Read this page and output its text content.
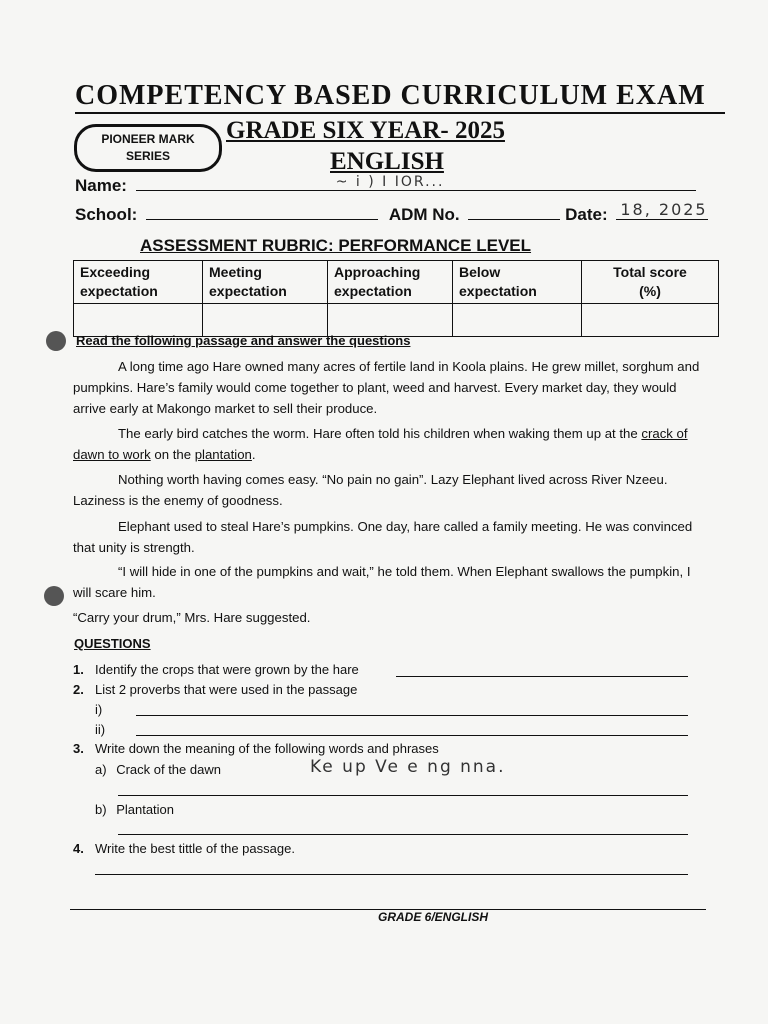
COMPETENCY BASED CURRICULUM EXAM
PIONEER MARK
SERIES
GRADE SIX YEAR- 2025
ENGLISH
Name:	~ i ) I IOR...
School:	ADM No.	Date: 18, 2025
ASSESSMENT RUBRIC: PERFORMANCE LEVEL
Exceeding
expectation	Meeting
expectation	Approaching
expectation	Below
expectation	Total score
(%)

Read the following passage and answer the questions
A long time ago Hare owned many acres of fertile land in Koola plains. He grew millet, sorghum and pumpkins. Hare’s family would come together to plant, weed and harvest. Every market day, they would arrive early at Makongo market to sell their produce.
The early bird catches the worm. Hare often told his children when waking them up at the crack of dawn to work on the plantation.
Nothing worth having comes easy. “No pain no gain”. Lazy Elephant lived across River Nzeeu. Laziness is the enemy of goodness.
Elephant used to steal Hare’s pumpkins. One day, hare called a family meeting. He was convinced that unity is strength.
“I will hide in one of the pumpkins and wait,” he told them. When Elephant swallows the pumpkin, I will scare him.
“Carry your drum,” Mrs. Hare suggested.
QUESTIONS
1. Identify the crops that were grown by the hare
2. List 2 proverbs that were used in the passage
i)
ii)
3. Write down the meaning of the following words and phrases
a) Crack of the dawn	Ke up Ve e ng nna.
b) Plantation
4. Write the best tittle of the passage.
GRADE 6/ENGLISH
